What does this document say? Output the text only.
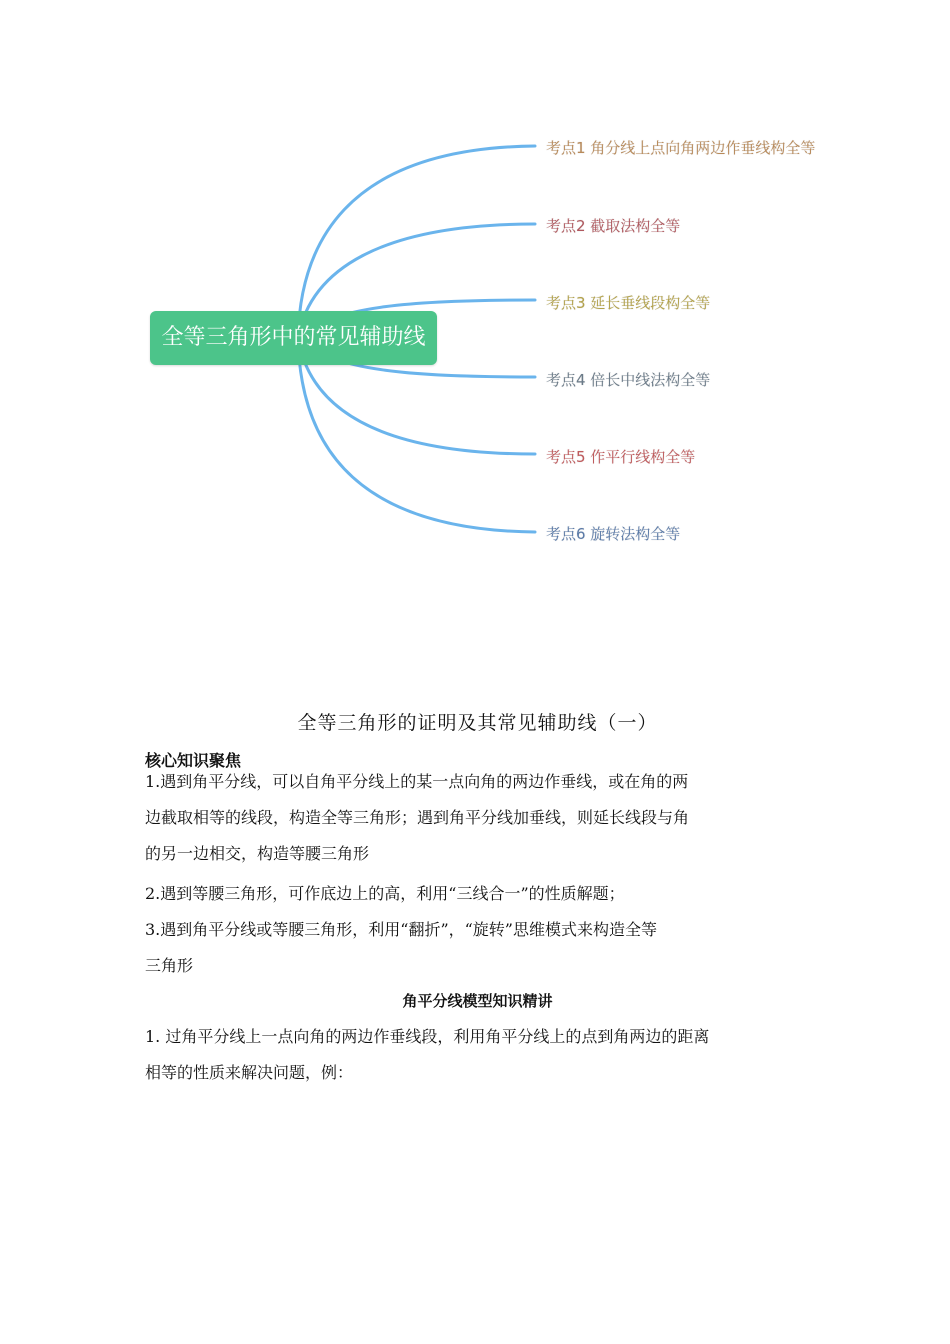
全等三角形中的常见辅助线
考点1 角分线上点向角两边作垂线构全等
考点2 截取法构全等
考点3 延长垂线段构全等
考点4 倍长中线法构全等
考点5 作平行线构全等
考点6 旋转法构全等
全等三角形的证明及其常见辅助线（一）
核心知识聚焦
1.遇到角平分线，可以自角平分线上的某一点向角的两边作垂线，或在角的两
边截取相等的线段，构造全等三角形；遇到角平分线加垂线，则延长线段与角
的另一边相交，构造等腰三角形
2.遇到等腰三角形，可作底边上的高，利用“三线合一”的性质解题；
3.遇到角平分线或等腰三角形，利用“翻折”，“旋转”思维模式来构造全等
三角形
角平分线模型知识精讲
1. 过角平分线上一点向角的两边作垂线段，利用角平分线上的点到角两边的距离
相等的性质来解决问题，例：
